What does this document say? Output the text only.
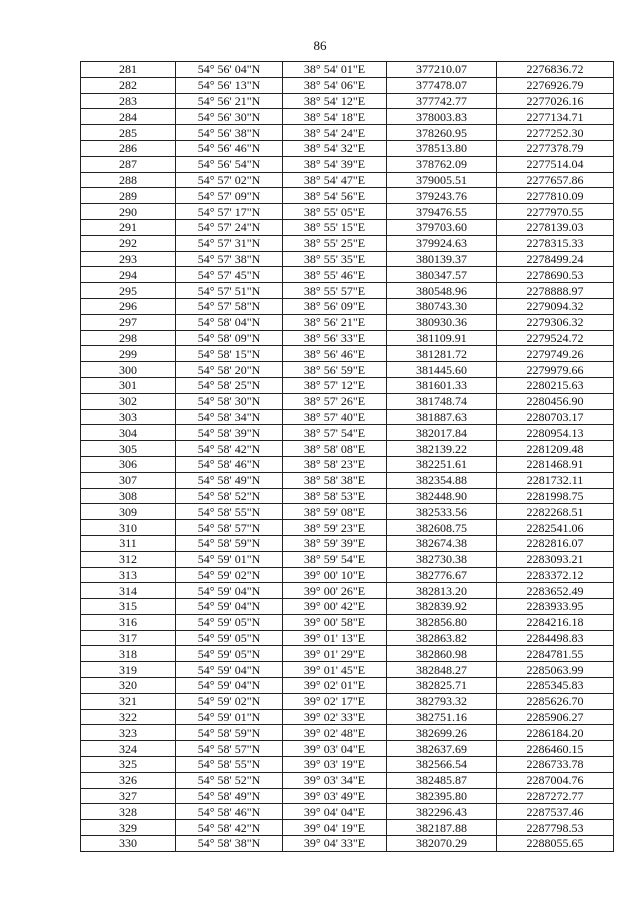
86
281	54° 56' 04"N	38° 54' 01"E	377210.07	2276836.72
282	54° 56' 13"N	38° 54' 06"E	377478.07	2276926.79
283	54° 56' 21"N	38° 54' 12"E	377742.77	2277026.16
284	54° 56' 30"N	38° 54' 18"E	378003.83	2277134.71
285	54° 56' 38"N	38° 54' 24"E	378260.95	2277252.30
286	54° 56' 46"N	38° 54' 32"E	378513.80	2277378.79
287	54° 56' 54"N	38° 54' 39"E	378762.09	2277514.04
288	54° 57' 02"N	38° 54' 47"E	379005.51	2277657.86
289	54° 57' 09"N	38° 54' 56"E	379243.76	2277810.09
290	54° 57' 17"N	38° 55' 05"E	379476.55	2277970.55
291	54° 57' 24"N	38° 55' 15"E	379703.60	2278139.03
292	54° 57' 31"N	38° 55' 25"E	379924.63	2278315.33
293	54° 57' 38"N	38° 55' 35"E	380139.37	2278499.24
294	54° 57' 45"N	38° 55' 46"E	380347.57	2278690.53
295	54° 57' 51"N	38° 55' 57"E	380548.96	2278888.97
296	54° 57' 58"N	38° 56' 09"E	380743.30	2279094.32
297	54° 58' 04"N	38° 56' 21"E	380930.36	2279306.32
298	54° 58' 09"N	38° 56' 33"E	381109.91	2279524.72
299	54° 58' 15"N	38° 56' 46"E	381281.72	2279749.26
300	54° 58' 20"N	38° 56' 59"E	381445.60	2279979.66
301	54° 58' 25"N	38° 57' 12"E	381601.33	2280215.63
302	54° 58' 30"N	38° 57' 26"E	381748.74	2280456.90
303	54° 58' 34"N	38° 57' 40"E	381887.63	2280703.17
304	54° 58' 39"N	38° 57' 54"E	382017.84	2280954.13
305	54° 58' 42"N	38° 58' 08"E	382139.22	2281209.48
306	54° 58' 46"N	38° 58' 23"E	382251.61	2281468.91
307	54° 58' 49"N	38° 58' 38"E	382354.88	2281732.11
308	54° 58' 52"N	38° 58' 53"E	382448.90	2281998.75
309	54° 58' 55"N	38° 59' 08"E	382533.56	2282268.51
310	54° 58' 57"N	38° 59' 23"E	382608.75	2282541.06
311	54° 58' 59"N	38° 59' 39"E	382674.38	2282816.07
312	54° 59' 01"N	38° 59' 54"E	382730.38	2283093.21
313	54° 59' 02"N	39° 00' 10"E	382776.67	2283372.12
314	54° 59' 04"N	39° 00' 26"E	382813.20	2283652.49
315	54° 59' 04"N	39° 00' 42"E	382839.92	2283933.95
316	54° 59' 05"N	39° 00' 58"E	382856.80	2284216.18
317	54° 59' 05"N	39° 01' 13"E	382863.82	2284498.83
318	54° 59' 05"N	39° 01' 29"E	382860.98	2284781.55
319	54° 59' 04"N	39° 01' 45"E	382848.27	2285063.99
320	54° 59' 04"N	39° 02' 01"E	382825.71	2285345.83
321	54° 59' 02"N	39° 02' 17"E	382793.32	2285626.70
322	54° 59' 01"N	39° 02' 33"E	382751.16	2285906.27
323	54° 58' 59"N	39° 02' 48"E	382699.26	2286184.20
324	54° 58' 57"N	39° 03' 04"E	382637.69	2286460.15
325	54° 58' 55"N	39° 03' 19"E	382566.54	2286733.78
326	54° 58' 52"N	39° 03' 34"E	382485.87	2287004.76
327	54° 58' 49"N	39° 03' 49"E	382395.80	2287272.77
328	54° 58' 46"N	39° 04' 04"E	382296.43	2287537.46
329	54° 58' 42"N	39° 04' 19"E	382187.88	2287798.53
330	54° 58' 38"N	39° 04' 33"E	382070.29	2288055.65
